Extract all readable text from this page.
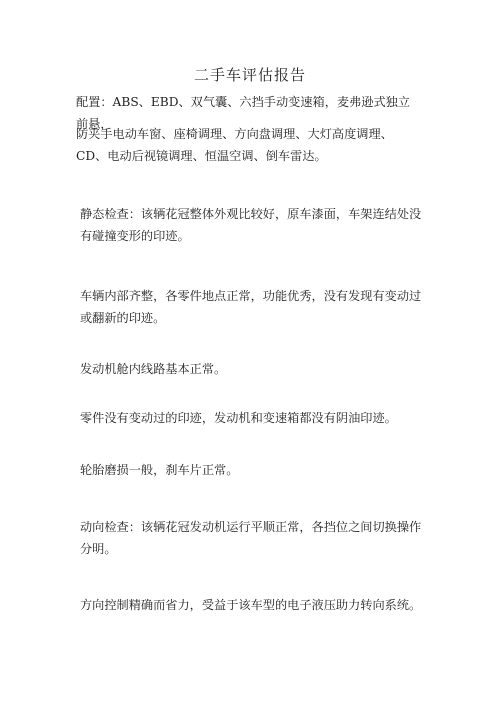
二手车评估报告

配置：ABS、EBD、双气囊、六挡手动变速箱，麦弗逊式独立前悬，

防夹手电动车窗、座椅调理、方向盘调理、大灯高度调理、CD、电动后视镜调理、恒温空调、倒车雷达。

静态检查：该辆花冠整体外观比较好，原车漆面，车架连结处没有碰撞变形的印迹。

车辆内部齐整，各零件地点正常，功能优秀，没有发现有变动过或翻新的印迹。

发动机舱内线路基本正常。

零件没有变动过的印迹，发动机和变速箱都没有阴油印迹。

轮胎磨损一般，刹车片正常。

动向检查：该辆花冠发动机运行平顺正常，各挡位之间切换操作分明。

方向控制精确而省力，受益于该车型的电子液压助力转向系统。
